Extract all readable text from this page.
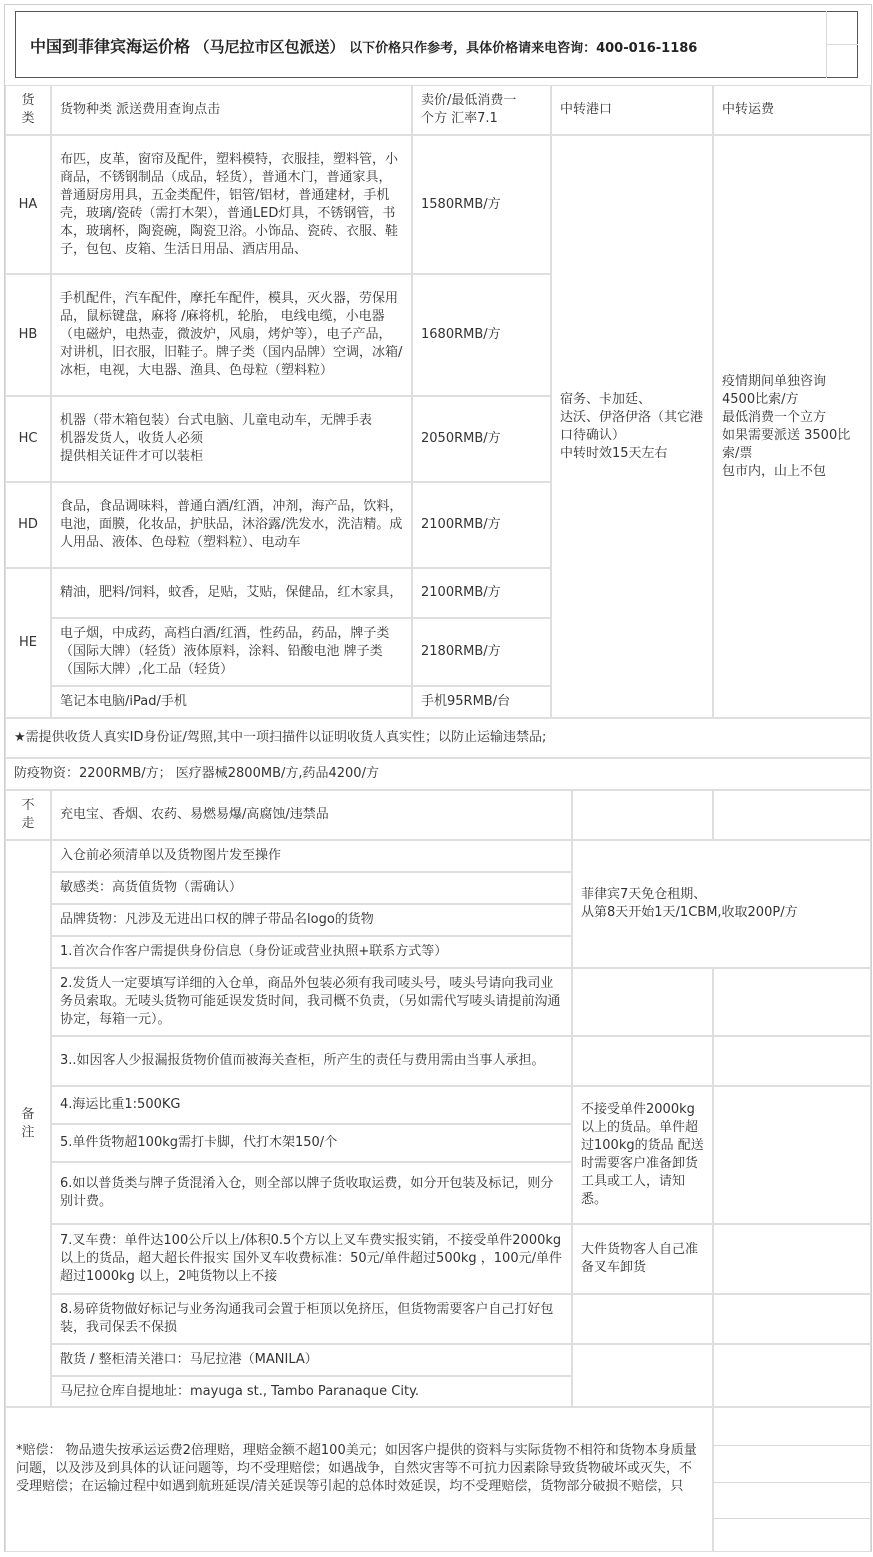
中国到菲律宾海运价格 （马尼拉市区包派送） 以下价格只作参考，具体价格请来电咨询：400-016-1186
货
类
货物种类 派送费用查询点击
卖价/最低消费一
个方 汇率7.1
中转港口	中转运费
HA
布匹，皮革，窗帘及配件，塑料模特，衣服挂，塑料管，小商品，不锈钢制品（成品，轻货），普通木门，普通家具，普通厨房用具，五金类配件，铝管/铝材，普通建材，手机壳，玻璃/瓷砖（需打木架），普通LED灯具，不锈钢管，书本，玻璃杯，陶瓷碗，陶瓷卫浴。小饰品、瓷砖、衣服、鞋子，包包、皮箱、生活日用品、酒店用品、
1580RMB/方
HB
手机配件，汽车配件，摩托车配件，模具，灭火器，劳保用品，鼠标键盘，麻将 /麻将机，轮胎， 电线电缆，小电器（电磁炉，电热壶，微波炉，风扇，烤炉等），电子产品，对讲机，旧衣服，旧鞋子。牌子类（国内品牌）空调，冰箱/冰柜，电视，大电器、渔具、色母粒（塑料粒）
1680RMB/方
HC
机器（带木箱包装）台式电脑、儿童电动车，无牌手表
机器发货人，收货人必须
提供相关证件才可以装柜
2050RMB/方
HD
食品，食品调味料，普通白酒/红酒，冲剂，海产品，饮料，电池，面膜，化妆品，护肤品，沐浴露/洗发水，洗洁精。成人用品、液体、色母粒（塑料粒）、电动车
2100RMB/方
HE
精油，肥料/饲料，蚊香，足贴，艾贴，保健品，红木家具， 2100RMB/方
电子烟，中成药，高档白酒/红酒，性药品，药品，牌子类（国际大牌）（轻货）液体原料，涂料、铅酸电池 牌子类（国际大牌）,化工品（轻货）
2180RMB/方
笔记本电脑/iPad/手机	手机95RMB/台
宿务、卡加廷、
达沃、伊洛伊洛（其它港口待确认）
中转时效15天左右
疫情期间单独咨询
4500比索/方
最低消费一个立方
如果需要派送 3500比索/票
包市内，山上不包
★需提供收货人真实ID身份证/驾照,其中一项扫描件以证明收货人真实性；以防止运输违禁品;
防疫物资：2200RMB/方； 医疗器械2800MB/方,药品4200/方
不
走
充电宝、香烟、农药、易燃易爆/高腐蚀/违禁品
备
注
入仓前必须清单以及货物图片发至操作
敏感类：高货值货物（需确认）
品牌货物：凡涉及无进出口权的牌子带品名logo的货物
1.首次合作客户需提供身份信息（身份证或营业执照+联系方式等）
2.发货人一定要填写详细的入仓单，商品外包装必须有我司唛头号，唛头号请向我司业务员索取。无唛头货物可能延误发货时间，我司概不负责，（另如需代写唛头请提前沟通协定，每箱一元）。
3..如因客人少报漏报货物价值而被海关查柜，所产生的责任与费用需由当事人承担。
4.海运比重1:500KG
5.单件货物超100kg需打卡脚，代打木架150/个
6.如以普货类与牌子货混淆入仓，则全部以牌子货收取运费，如分开包装及标记，则分别计费。
7.叉车费：单件达100公斤以上/体积0.5个方以上叉车费实报实销，不接受单件2000kg以上的货品，超大超长件报实 国外叉车收费标准：50元/单件超过500kg ，100元/单件超过1000kg 以上，2吨货物以上不接
8.易碎货物做好标记与业务沟通我司会置于柜顶以免挤压，但货物需要客户自己打好包装，我司保丢不保损
散货 / 整柜清关港口：马尼拉港（MANILA）
马尼拉仓库自提地址：mayuga st., Tambo Paranaque City.
菲律宾7天免仓租期、
从第8天开始1天/1CBM,收取200P/方
不接受单件2000kg以上的货品。单件超过100kg的货品 配送时需要客户准备卸货工具或工人，请知悉。
大件货物客人自己准备叉车卸货
*赔偿： 物品遗失按承运运费2倍理赔，理赔金额不超100美元；如因客户提供的资料与实际货物不相符和货物本身质量问题，以及涉及到具体的认证问题等，均不受理赔偿；如遇战争，自然灾害等不可抗力因素除导致货物破坏或灭失，不受理赔偿；在运输过程中如遇到航班延误/清关延误等引起的总体时效延误，均不受理赔偿，货物部分破损不赔偿，只
